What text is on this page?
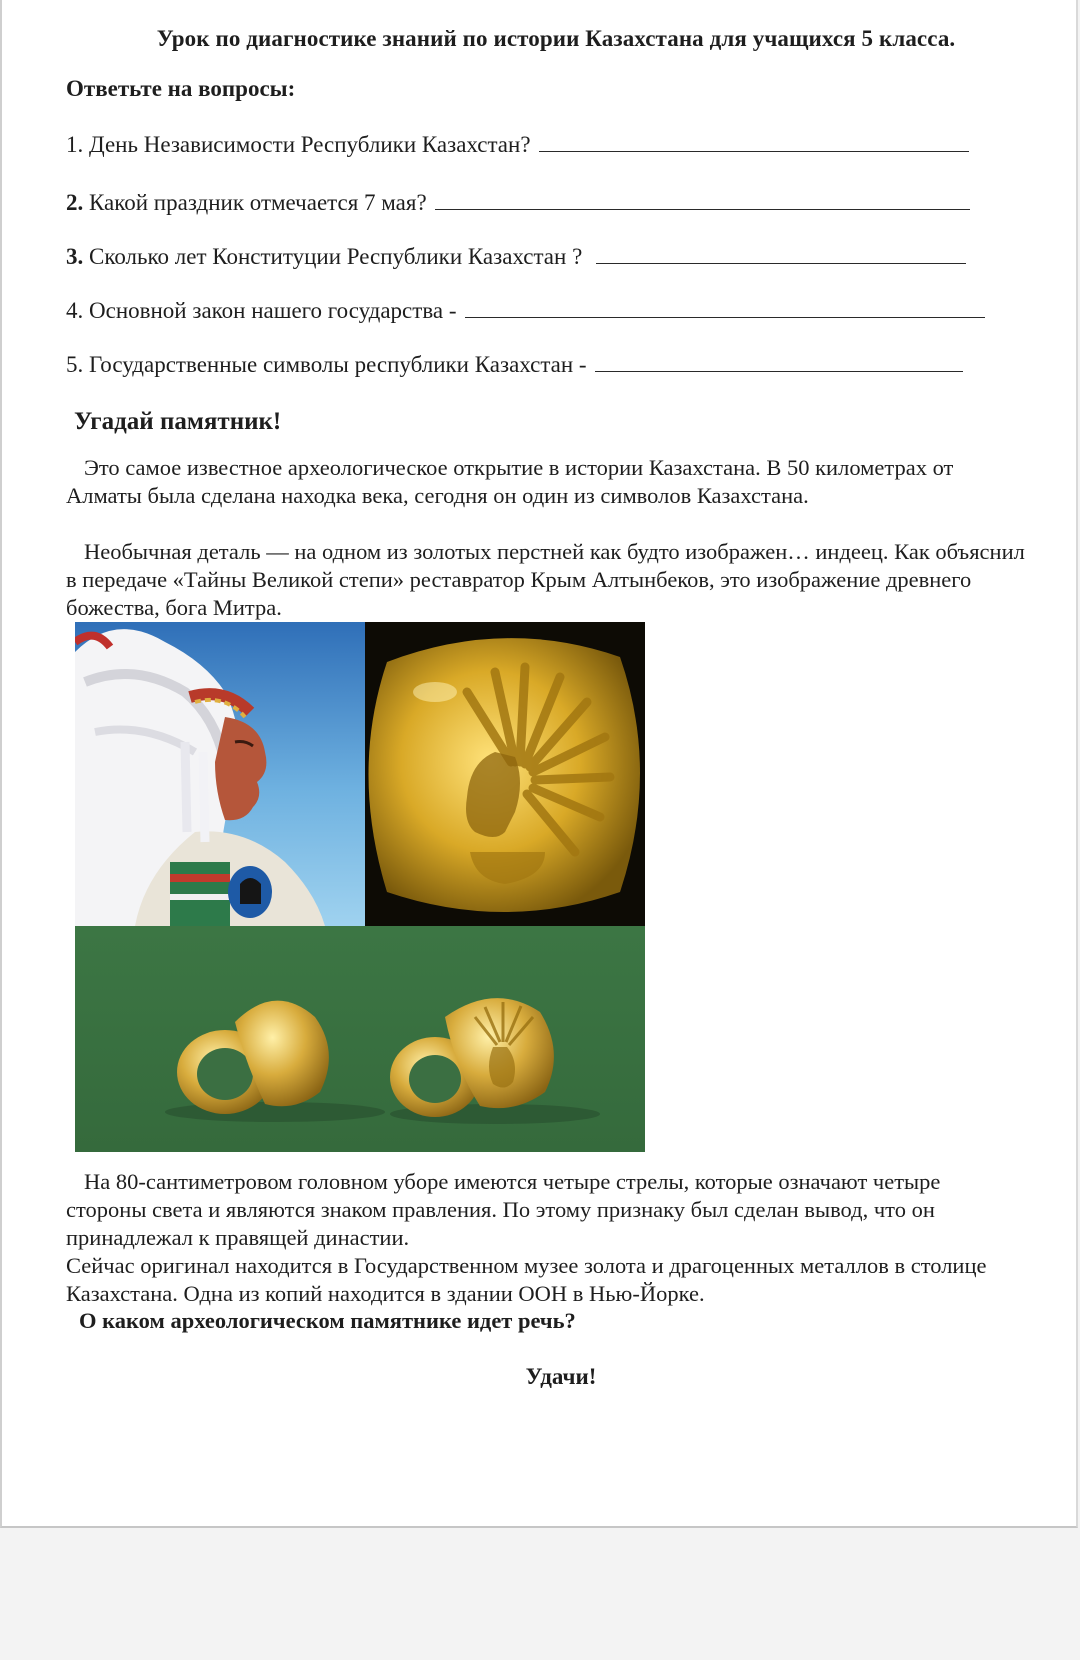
Урок по диагностике знаний по истории Казахстана для учащихся 5 класса.
Ответьте на вопросы:
1.
День Независимости Республики Казахстан?
2.
Какой праздник отмечается 7 мая?
3.
Сколько лет Конституции Республики Казахстан ?
4.
Основной закон нашего государства -
5.
Государственные символы республики Казахстан -
Угадай памятник!
Это самое известное археологическое открытие в истории Казахстана. В 50 километрах от Алматы была сделана находка века, сегодня он один из символов Казахстана.
Необычная деталь — на одном из золотых перстней как будто изображен… индеец. Как объяснил в передаче «Тайны Великой степи» реставратор Крым Алтынбеков, это изображение древнего божества, бога Митра.
На 80-сантиметровом головном уборе имеются четыре стрелы, которые означают четыре стороны света и являются знаком правления. По этому признаку был сделан вывод, что он принадлежал к правящей династии.
Сейчас оригинал находится в Государственном музее золота и драгоценных металлов в столице Казахстана. Одна из копий находится в здании ООН в Нью-Йорке.
О каком археологическом памятнике идет речь?
Удачи!
